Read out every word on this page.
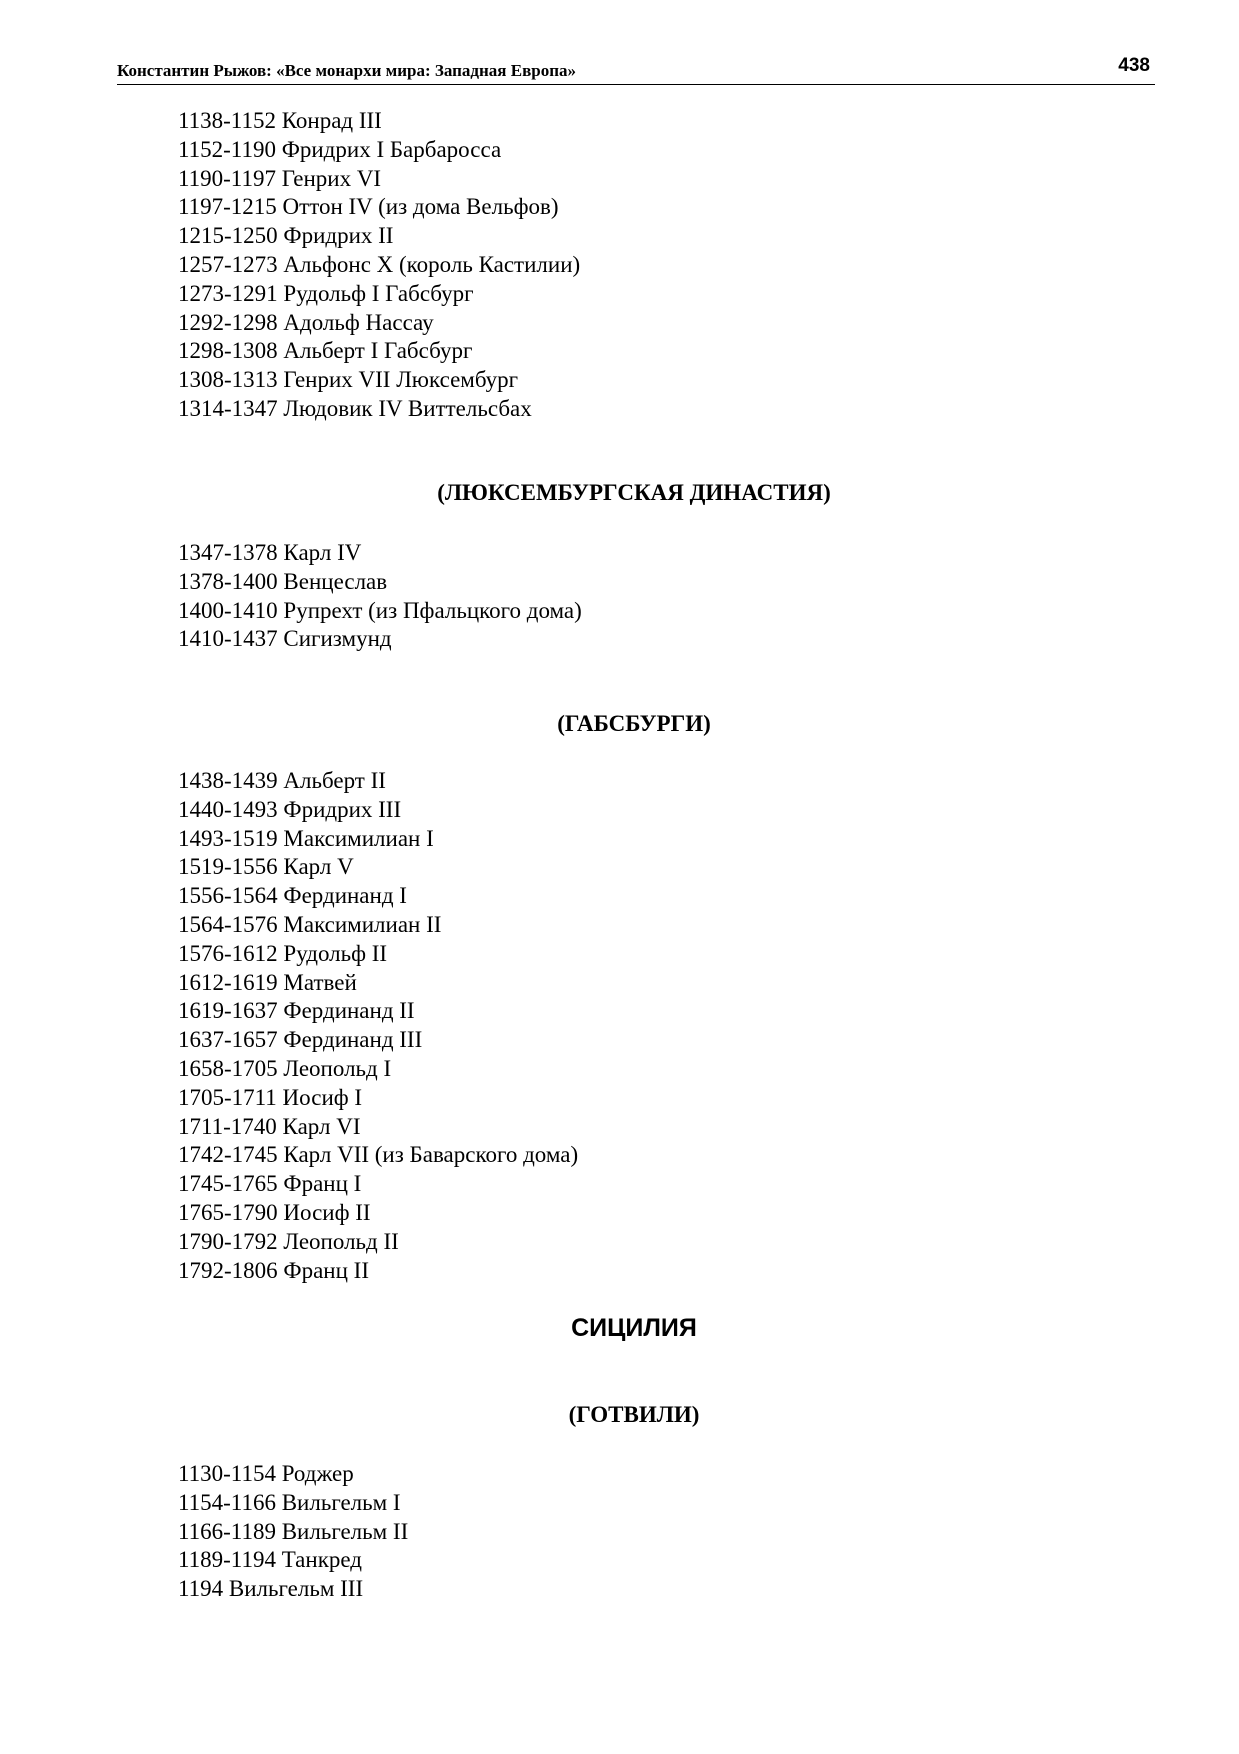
Константин Рыжов: «Все монархи мира: Западная Европа»	438
1138-1152 Конрад III
1152-1190 Фридрих I Барбаросса
1190-1197 Генрих VI
1197-1215 Оттон IV (из дома Вельфов)
1215-1250 Фридрих II
1257-1273 Альфонс X (король Кастилии)
1273-1291 Рудольф I Габсбург
1292-1298 Адольф Нассау
1298-1308 Альберт I Габсбург
1308-1313 Генрих VII Люксембург
1314-1347 Людовик IV Виттельсбах
(ЛЮКСЕМБУРГСКАЯ ДИНАСТИЯ)
1347-1378 Карл IV
1378-1400 Венцеслав
1400-1410 Рупрехт (из Пфальцкого дома)
1410-1437 Сигизмунд
(ГАБСБУРГИ)
1438-1439 Альберт II
1440-1493 Фридрих III
1493-1519 Максимилиан I
1519-1556 Карл V
1556-1564 Фердинанд I
1564-1576 Максимилиан II
1576-1612 Рудольф II
1612-1619 Матвей
1619-1637 Фердинанд II
1637-1657 Фердинанд III
1658-1705 Леопольд I
1705-1711 Иосиф I
1711-1740 Карл VI
1742-1745 Карл VII (из Баварского дома)
1745-1765 Франц I
1765-1790 Иосиф II
1790-1792 Леопольд II
1792-1806 Франц II
СИЦИЛИЯ
(ГОТВИЛИ)
1130-1154 Роджер
1154-1166 Вильгельм I
1166-1189 Вильгельм II
1189-1194 Танкред
1194 Вильгельм III
